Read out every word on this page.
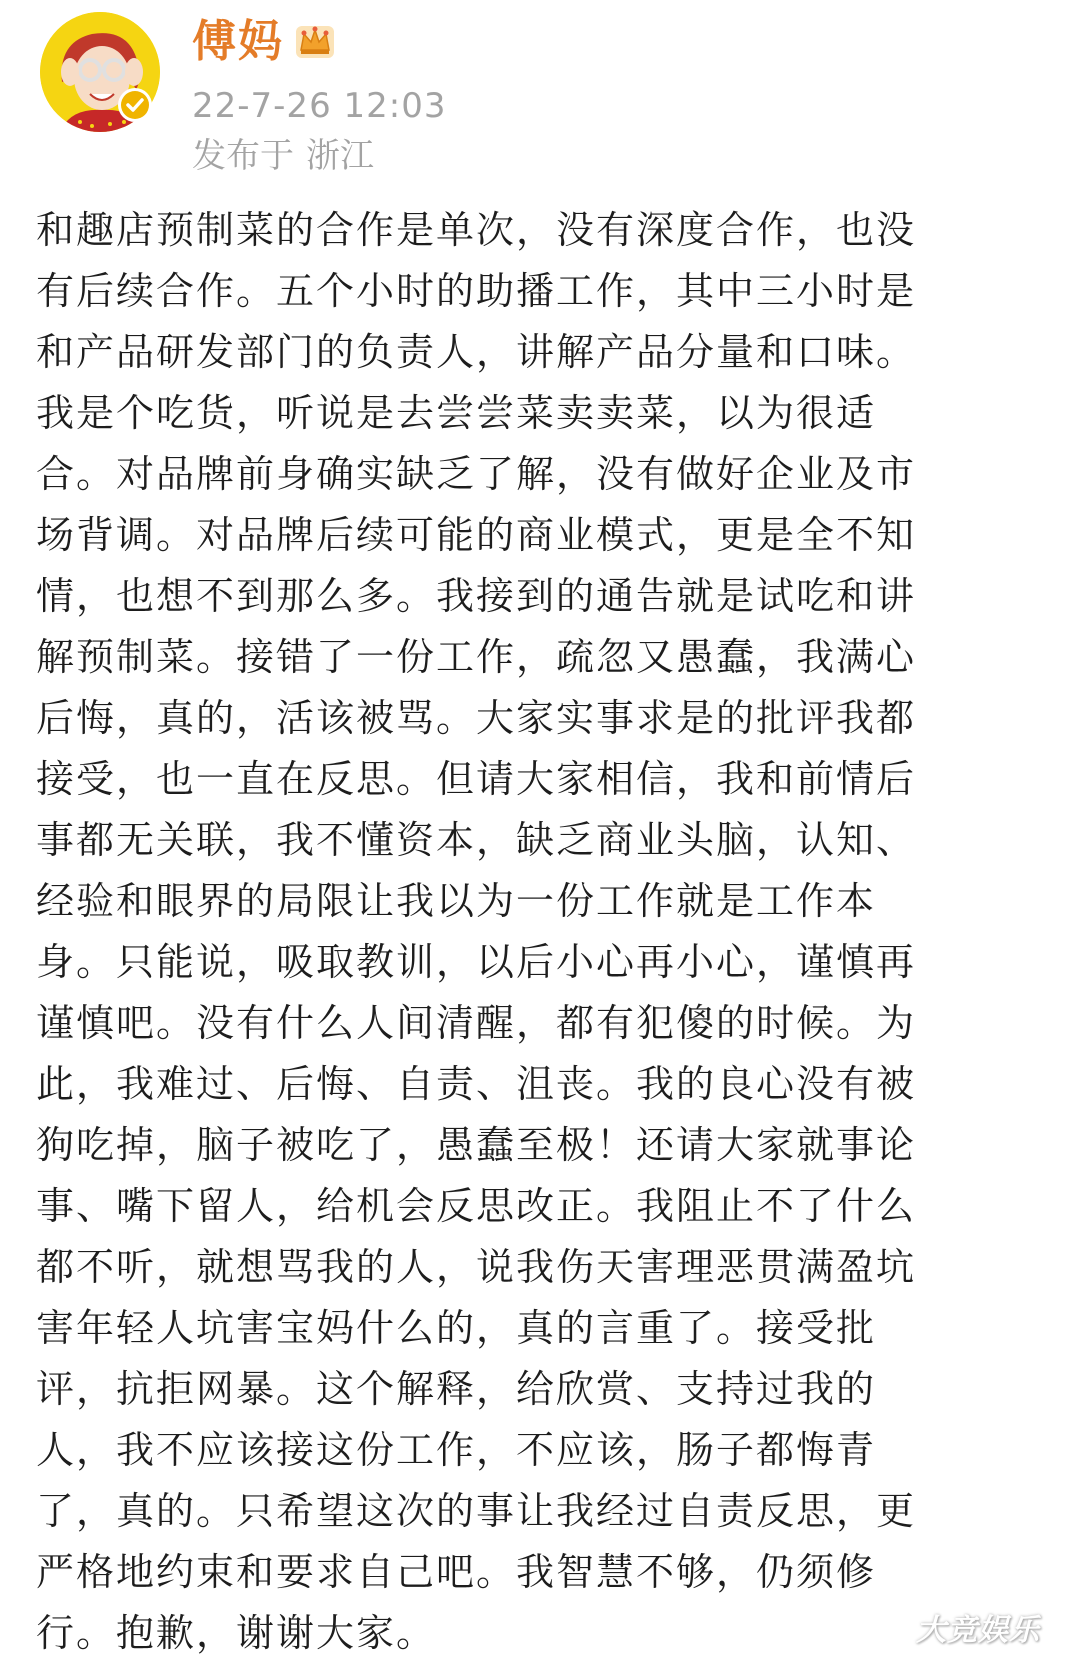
傅妈
22-7-26 12:03
发布于 浙江
和趣店预制菜的合作是单次，没有深度合作，也没
有后续合作。五个小时的助播工作，其中三小时是
和产品研发部门的负责人，讲解产品分量和口味。
我是个吃货，听说是去尝尝菜卖卖菜，以为很适
合。对品牌前身确实缺乏了解，没有做好企业及市
场背调。对品牌后续可能的商业模式，更是全不知
情，也想不到那么多。我接到的通告就是试吃和讲
解预制菜。接错了一份工作，疏忽又愚蠢，我满心
后悔，真的，活该被骂。大家实事求是的批评我都
接受，也一直在反思。但请大家相信，我和前情后
事都无关联，我不懂资本，缺乏商业头脑，认知、
经验和眼界的局限让我以为一份工作就是工作本
身。只能说，吸取教训，以后小心再小心，谨慎再
谨慎吧。没有什么人间清醒，都有犯傻的时候。为
此，我难过、后悔、自责、沮丧。我的良心没有被
狗吃掉，脑子被吃了，愚蠢至极！还请大家就事论
事、嘴下留人，给机会反思改正。我阻止不了什么
都不听，就想骂我的人，说我伤天害理恶贯满盈坑
害年轻人坑害宝妈什么的，真的言重了。接受批
评，抗拒网暴。这个解释，给欣赏、支持过我的
人，我不应该接这份工作，不应该，肠子都悔青
了，真的。只希望这次的事让我经过自责反思，更
严格地约束和要求自己吧。我智慧不够，仍须修
行。抱歉，谢谢大家。	大竞娱乐
